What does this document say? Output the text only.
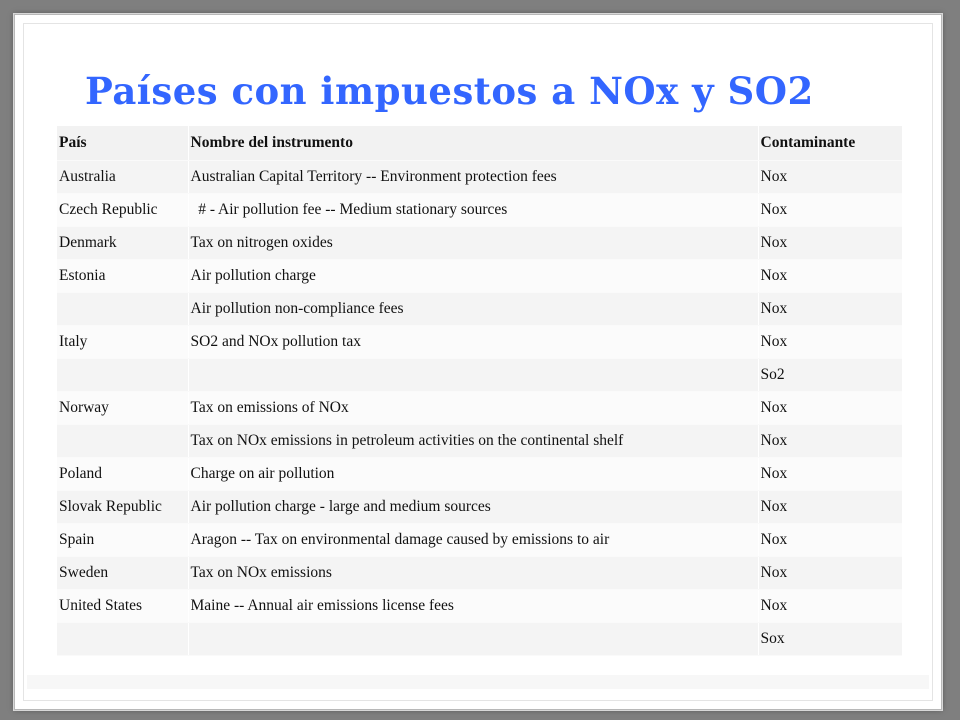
Países con impuestos a NOx y SO2
País	Nombre del instrumento	Contaminante
Australia	Australian Capital Territory -- Environment protection fees	Nox
Czech Republic	# - Air pollution fee -- Medium stationary sources	Nox
Denmark	Tax on nitrogen oxides	Nox
Estonia	Air pollution charge	Nox
	Air pollution non-compliance fees	Nox
Italy	SO2 and NOx pollution tax	Nox
		So2
Norway	Tax on emissions of NOx	Nox
	Tax on NOx emissions in petroleum activities on the continental shelf	Nox
Poland	Charge on air pollution	Nox
Slovak Republic	Air pollution charge - large and medium sources	Nox
Spain	Aragon -- Tax on environmental damage caused by emissions to air	Nox
Sweden	Tax on NOx emissions	Nox
United States	Maine -- Annual air emissions license fees	Nox
		Sox
